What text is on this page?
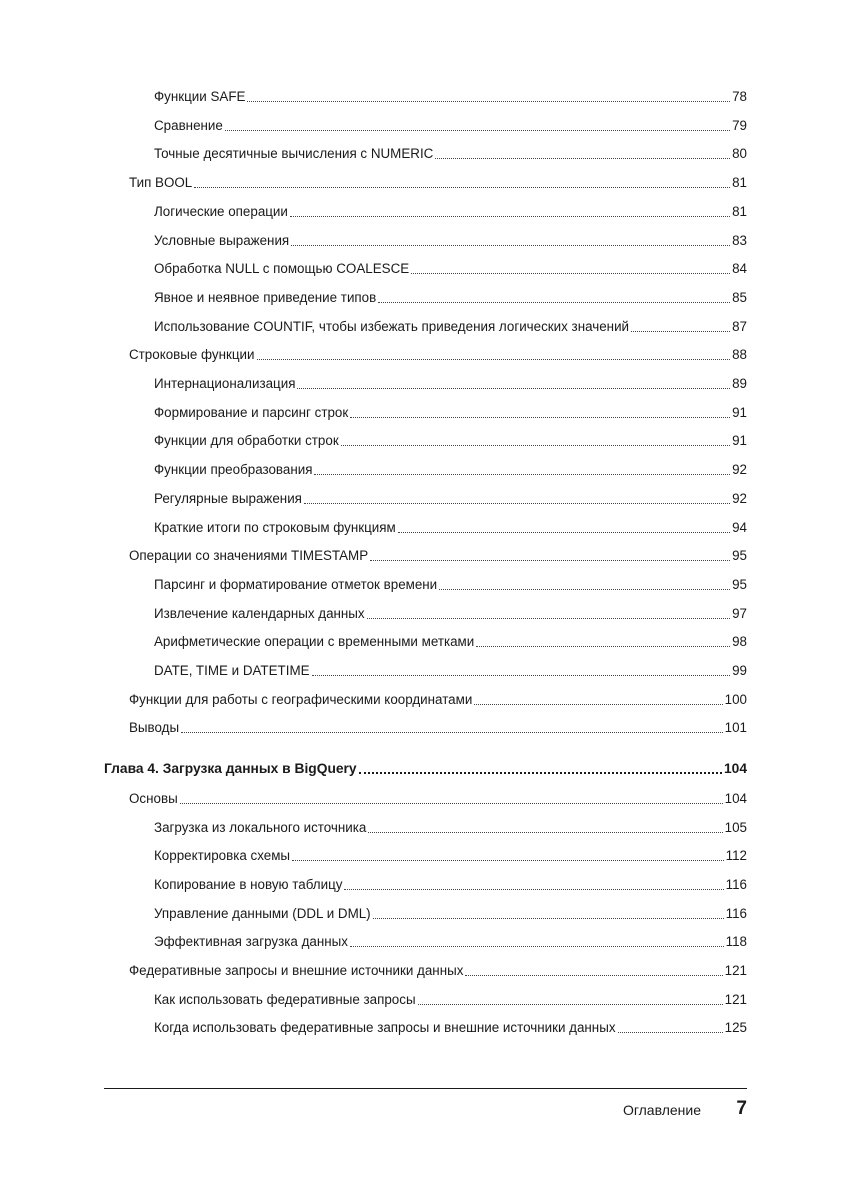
Функции SAFE	78
Сравнение	79
Точные десятичные вычисления с NUMERIC	80
Тип BOOL	81
Логические операции	81
Условные выражения	83
Обработка NULL с помощью COALESCE	84
Явное и неявное приведение типов	85
Использование COUNTIF, чтобы избежать приведения логических значений	87
Строковые функции	88
Интернационализация	89
Формирование и парсинг строк	91
Функции для обработки строк	91
Функции преобразования	92
Регулярные выражения	92
Краткие итоги по строковым функциям	94
Операции со значениями TIMESTAMP	95
Парсинг и форматирование отметок времени	95
Извлечение календарных данных	97
Арифметические операции с временными метками	98
DATE, TIME и DATETIME	99
Функции для работы с географическими координатами	100
Выводы	101
Глава 4. Загрузка данных в BigQuery	104
Основы	104
Загрузка из локального источника	105
Корректировка схемы	112
Копирование в новую таблицу	116
Управление данными (DDL и DML)	116
Эффективная загрузка данных	118
Федеративные запросы и внешние источники данных	121
Как использовать федеративные запросы	121
Когда использовать федеративные запросы и внешние источники данных	125
Оглавление	7
